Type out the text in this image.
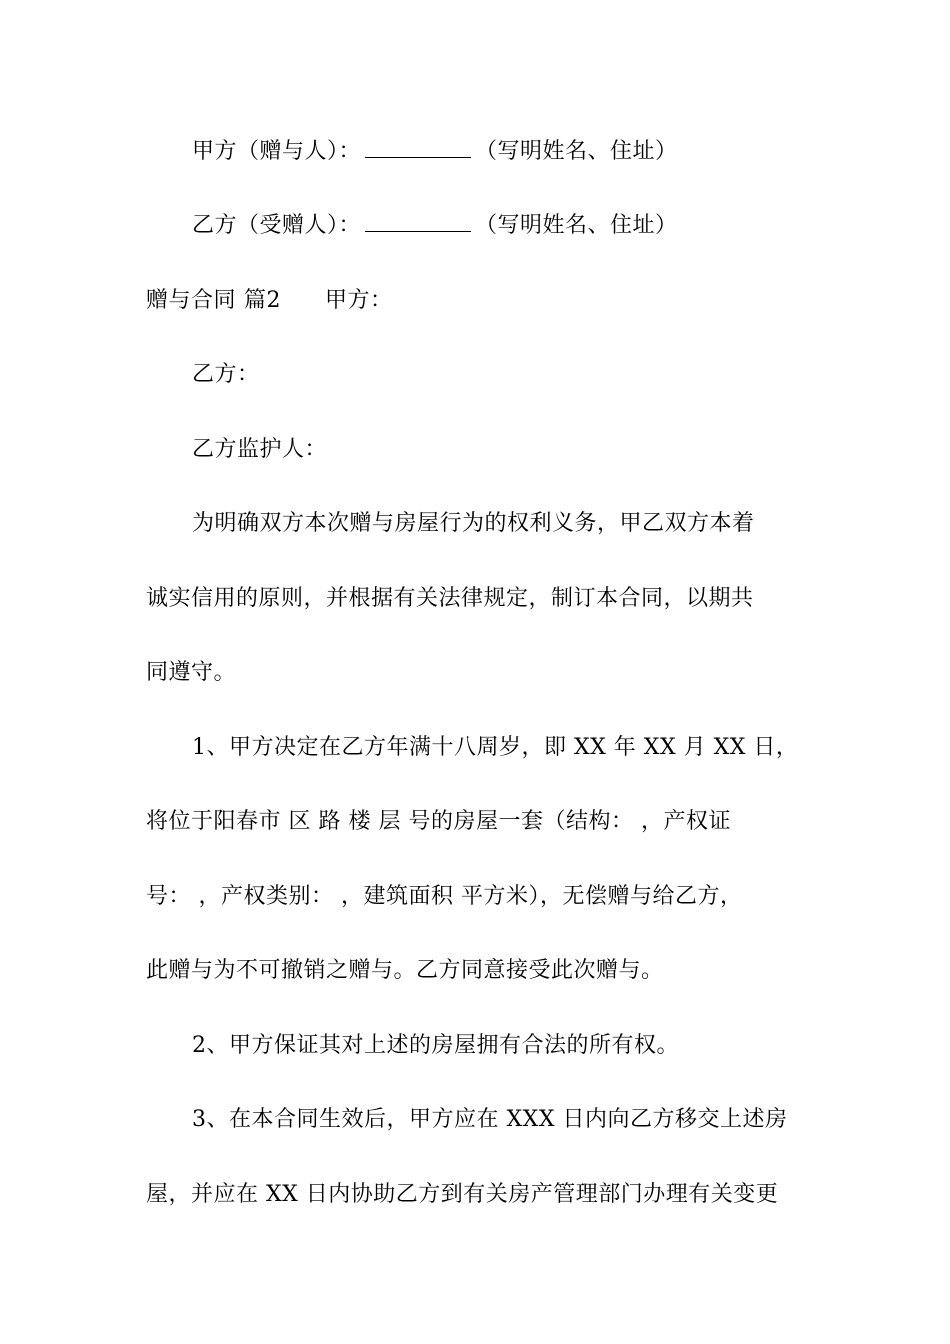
甲方（赠与人）：	（写明姓名、住址）
乙方（受赠人）：	（写明姓名、住址）
赠与合同 篇2 甲方：
乙方：
乙方监护人：
为明确双方本次赠与房屋行为的权利义务，甲乙双方本着
诚实信用的原则，并根据有关法律规定，制订本合同，以期共
同遵守。
1、甲方决定在乙方年满十八周岁，即 XX 年 XX 月 XX 日，
将位于阳春市 区 路 楼 层 号的房屋一套（结构： ，产权证
号： ，产权类别： ，建筑面积 平方米），无偿赠与给乙方，
此赠与为不可撤销之赠与。乙方同意接受此次赠与。
2、甲方保证其对上述的房屋拥有合法的所有权。
3、在本合同生效后，甲方应在 XXX 日内向乙方移交上述房
屋，并应在 XX 日内协助乙方到有关房产管理部门办理有关变更
